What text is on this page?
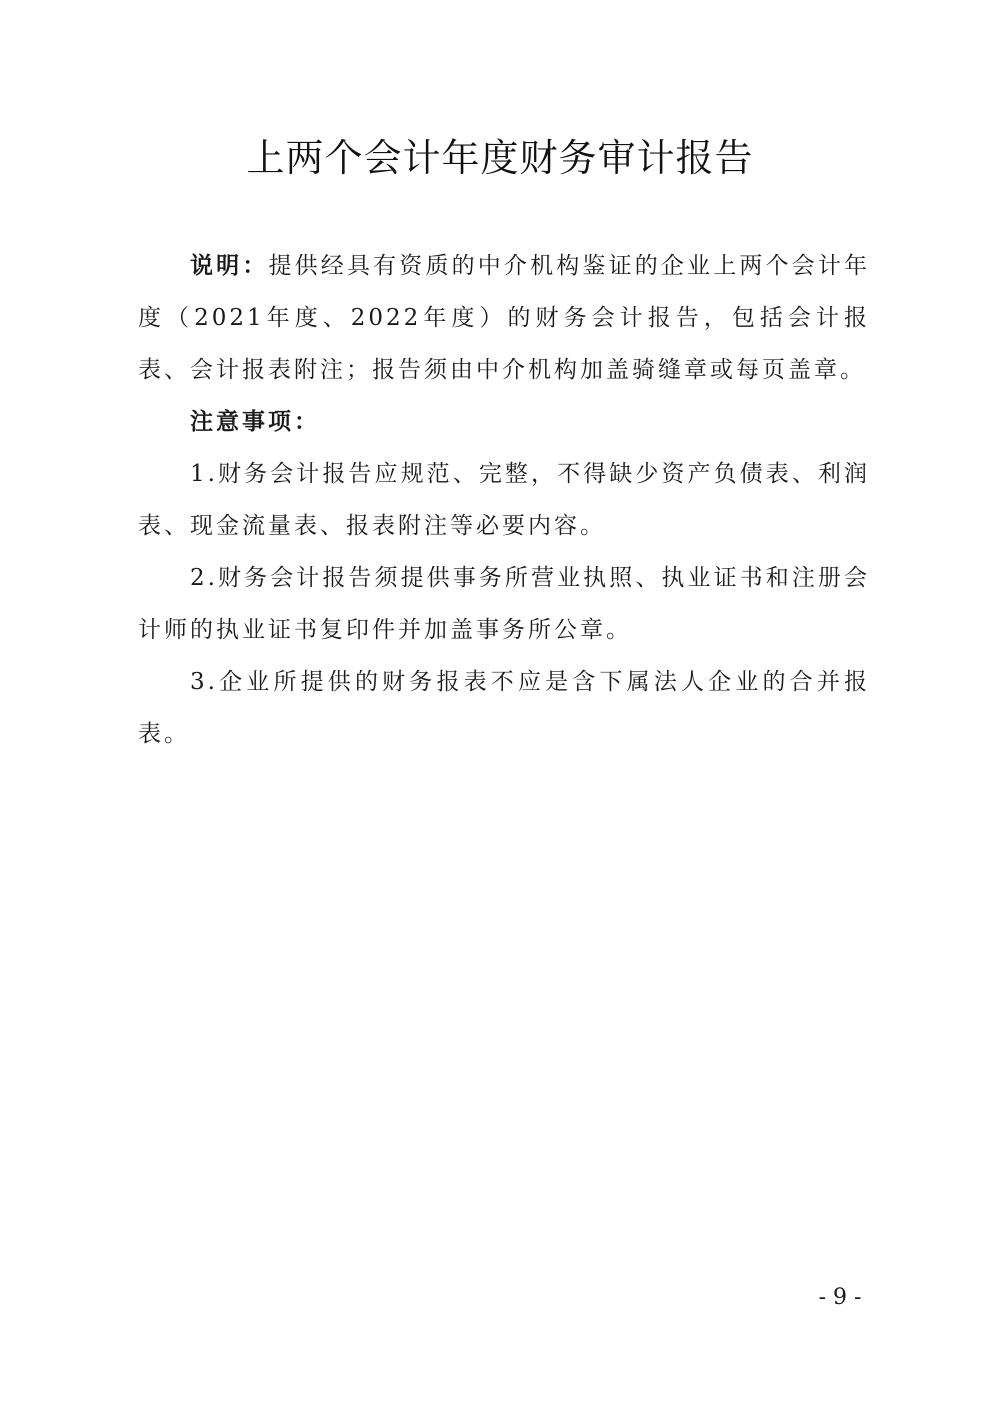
上两个会计年度财务审计报告

说明：提供经具有资质的中介机构鉴证的企业上两个会计年度（2021年度、2022年度）的财务会计报告，包括会计报表、会计报表附注；报告须由中介机构加盖骑缝章或每页盖章。

注意事项：

1.财务会计报告应规范、完整，不得缺少资产负债表、利润表、现金流量表、报表附注等必要内容。

2.财务会计报告须提供事务所营业执照、执业证书和注册会计师的执业证书复印件并加盖事务所公章。

3.企业所提供的财务报表不应是含下属法人企业的合并报表。

- 9 -
